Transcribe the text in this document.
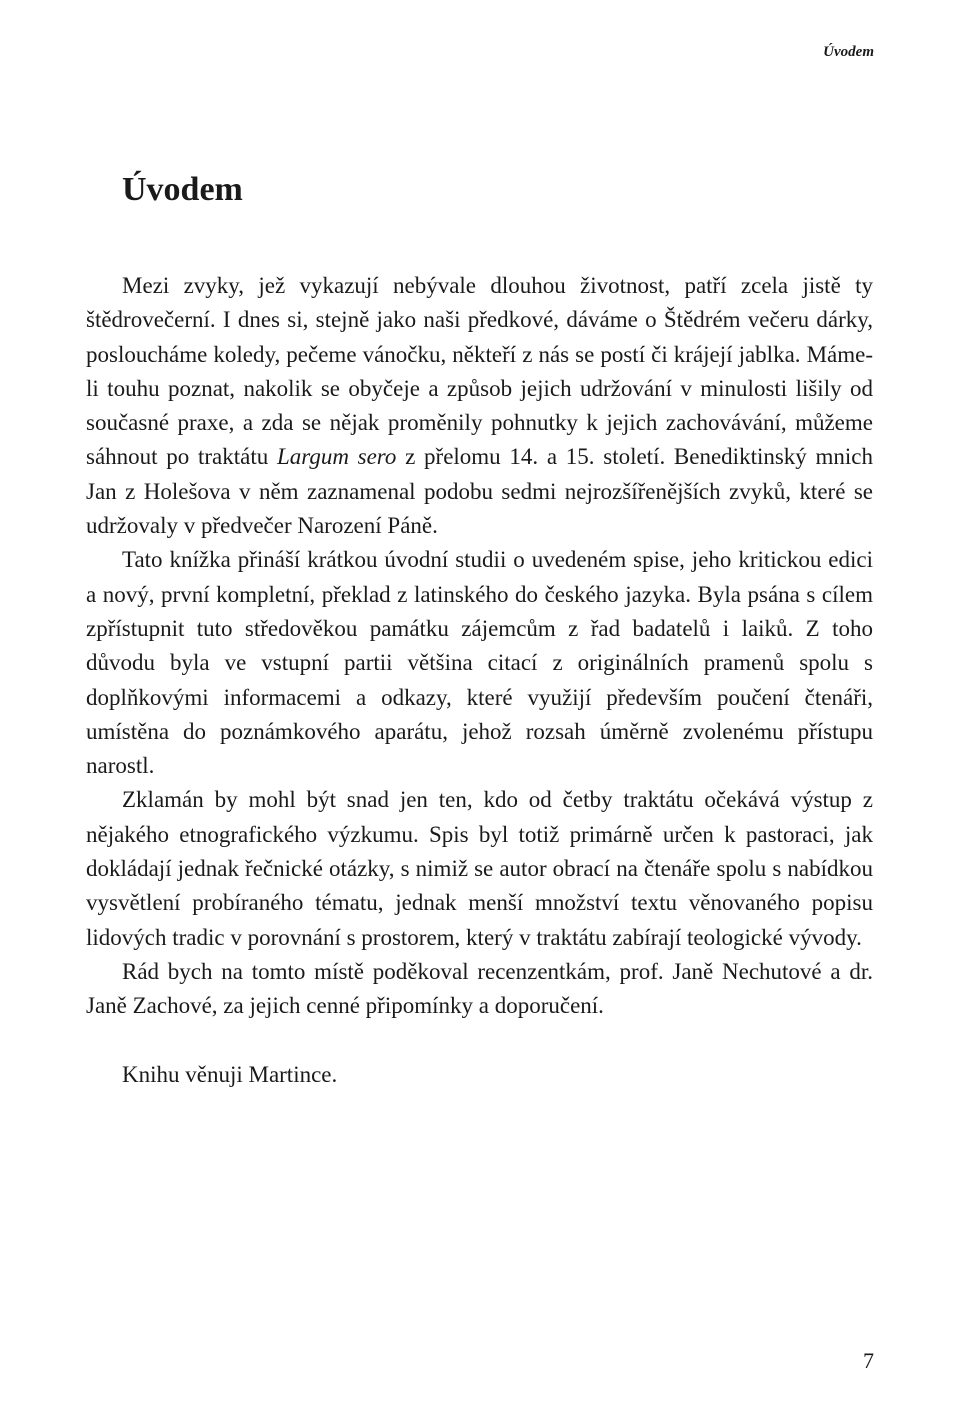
Úvodem
Úvodem

Mezi zvyky, jež vykazují nebývale dlouhou životnost, patří zcela jistě ty štědrovečerní. I dnes si, stejně jako naši předkové, dáváme o Štědrém večeru dárky, posloucháme koledy, pečeme vánočku, někteří z nás se postí či krájejí jablka. Máme-li touhu poznat, nakolik se obyčeje a způsob jejich udržování v minulosti lišily od současné praxe, a zda se nějak proměnily pohnutky k jejich zachovávání, můžeme sáhnout po traktátu Largum sero z přelomu 14. a 15. století. Benediktinský mnich Jan z Holešova v něm zaznamenal podobu sedmi nejrozšířenějších zvyků, které se udržovaly v předvečer Narození Páně.

Tato knížka přináší krátkou úvodní studii o uvedeném spise, jeho kritickou edici a nový, první kompletní, překlad z latinského do českého jazyka. Byla psána s cílem zpřístupnit tuto středověkou památku zájemcům z řad badatelů i laiků. Z toho důvodu byla ve vstupní partii většina citací z originálních pramenů spolu s doplňkovými informacemi a odkazy, které využijí především poučení čtenáři, umístěna do poznámkového aparátu, jehož rozsah úměrně zvolenému přístupu narostl.

Zklamán by mohl být snad jen ten, kdo od četby traktátu očekává výstup z nějakého etnografického výzkumu. Spis byl totiž primárně určen k pastoraci, jak dokládají jednak řečnické otázky, s nimiž se autor obrací na čtenáře spolu s nabídkou vysvětlení probíraného tématu, jednak menší množství textu věnovaného popisu lidových tradic v porovnání s prostorem, který v traktátu zabírají teologické vývody.

Rád bych na tomto místě poděkoval recenzentkám, prof. Janě Nechutové a dr. Janě Zachové, za jejich cenné připomínky a doporučení.

Knihu věnuji Martince.

7
